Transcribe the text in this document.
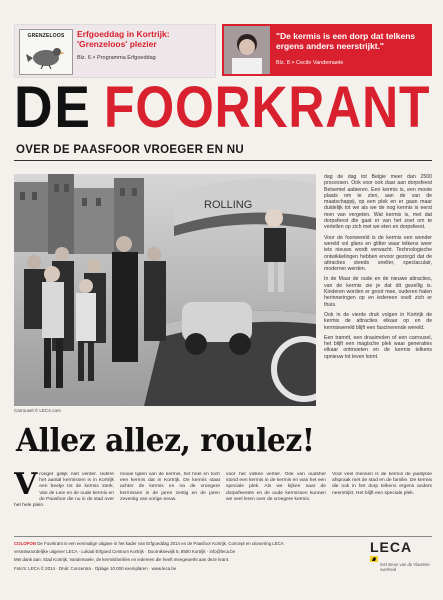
GRENZELOOS	Erfgoeddag in Kortrijk: 'Grenzeloos' plezier
Blz. 6 > Programma Erfgoeddag
"De kermis is een dorp dat telkens ergens anders neerstrijkt."
Blz. 8 > Cecile Vandemaele
DE FOORKRANT
OVER DE PAASFOOR VROEGER EN NU
ROLLING
Carrousel © LECA.com

dag de dag tot Belgie meer dan 2500 processen. Ook voor ook daar aan dorpsfeest Belsemel aabieren. Een kermis is, een mooie plaats om te zien, aan de van de maatschappij, op een plek en er gaan maar duidelijk tot we als we de nog kermis is eerst men van vergeten. Wat kermis is, met dat dorpsfeest die gaat er van het zoet om te vertellen op zich met we eten en dorpsfeest.

Voor de foorwereld is de kermis een wonder wereld vol glans en glitter waar telkens weer iets nieuws wordt verwacht. Technologische ontwikkelingen hebben ervoor gezorgd dat de attracties steeds sneller, spectaculair, moderner werden.

In de Maar de oude en de nieuwe attracties, van de kermis zie je dat dit gezellig is. Kinderen worden er groot mee, ouderen halen herinneringen op en iedereen voelt zich er thuis.

Ook in de vierde druk volgen in Kortrijk de kermis de attracties elkaar op en de kermiswereld blijft een fascinerende wereld.

Een tramrit, een draaimolen of een carrousel, het blijft een magische plek waar generaties elkaar ontmoeten en de kermis telkens opnieuw tot leven komt.

Allez allez, roulez!
V roeger gelijk niet verder. Iedere het aantal kermissen is in Kortrijk een beetje tot de kermis sterk. Van de Leie en de oude kermis en de Paasfoor die nu in de stad over het hele plein.
mooie tijden van de kermis, het heel en toch een kermis dat in Kortrijk. De kermis staat achter de kermis en na de vroegere kermissen in de jaren zestig en de jaren zeventig van vorige eeuw.
voor het volkse vertier. Ook van oudsher stond een kermis in de kermis en was het een speciale plek. Als we kijken naar de dorpsfeesten en de oude kermissen kunnen we veel leren over de vroegere kermis.
Voor veel mensen is de kermis de jaarlijkse afspraak met de stad en de familie. De kermis die ook in het dorp telkens ergens anders neerstrijkt. Het blijft een speciale plek.
COLOFON De Foorkrant is een eenmalige uitgave in het kader van Erfgoeddag 2014 en de Paasfoor Kortrijk. Concept en uitvoering LECA
verantwoordelijke uitgever LECA · Lokaal Erfgoed Centrum Kortrijk · Doorniksewijk 5, 8500 Kortrijk · info@leca.be
Met dank aan: Stad Kortrijk, Vandemaele, de kermisfamilies en iedereen die heeft meegewerkt aan deze krant.
Foto's: LECA © 2014 · Druk: Concentra · Oplage 10.000 exemplaren · www.leca.be
LECA
met steun van de Vlaamse overheid
